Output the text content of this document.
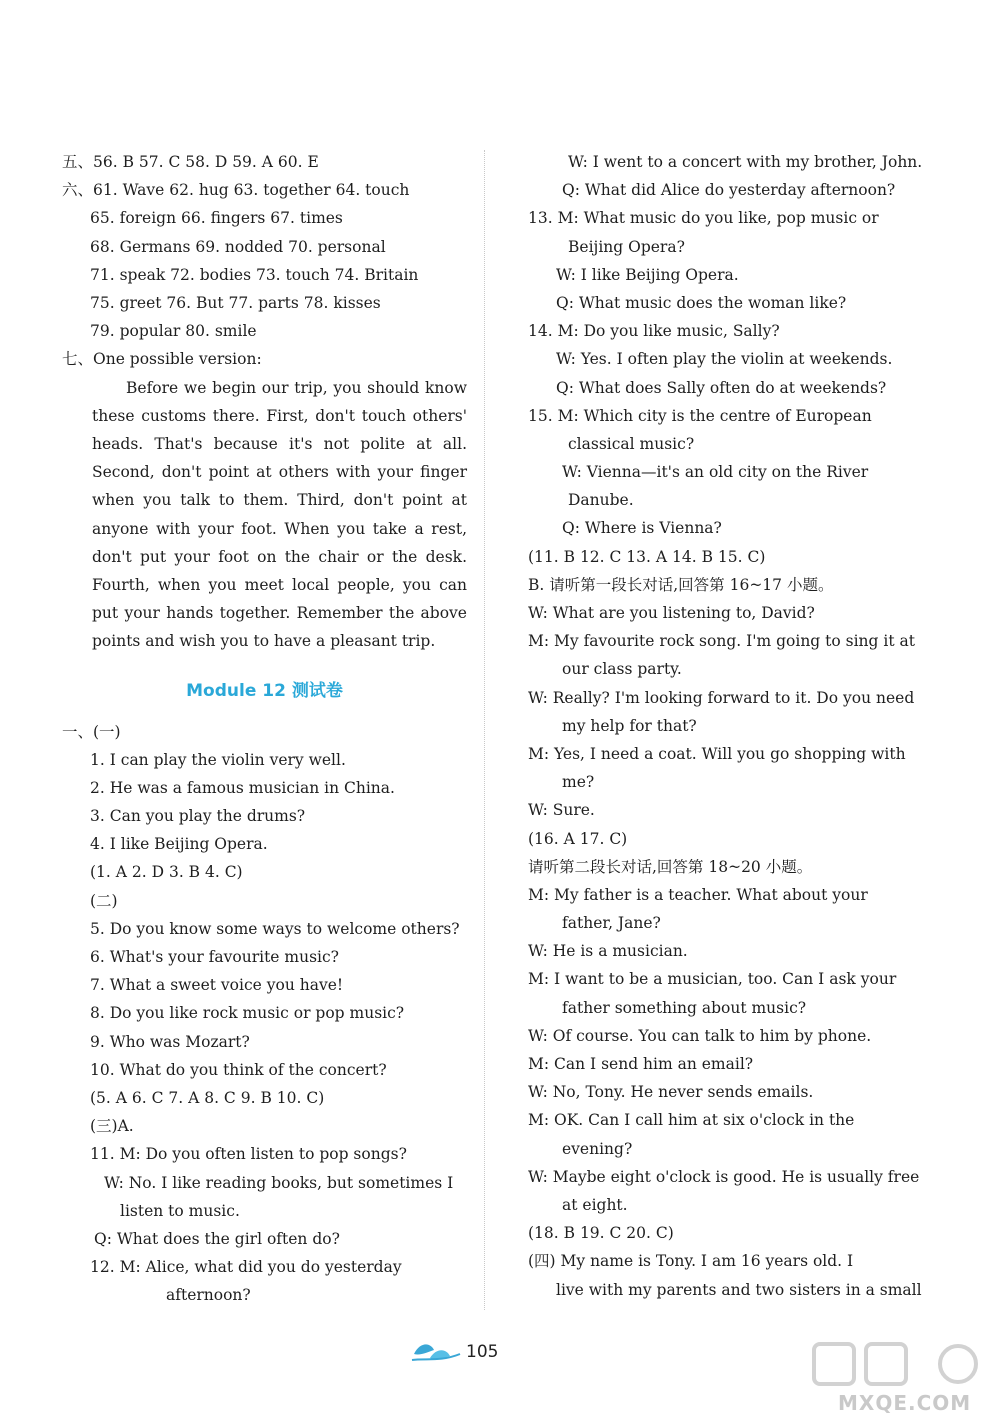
五、56. B 57. C 58. D 59. A 60. E
六、61. Wave 62. hug 63. together 64. touch
65. foreign 66. fingers 67. times
68. Germans 69. nodded 70. personal
71. speak 72. bodies 73. touch 74. Britain
75. greet 76. But 77. parts 78. kisses
79. popular 80. smile
七、One possible version:

Before we begin our trip, you should know these customs there. First, don't touch others' heads. That's because it's not polite at all. Second, don't point at others with your finger when you talk to them. Third, don't point at anyone with your foot. When you take a rest, don't put your foot on the chair or the desk. Fourth, when you meet local people, you can put your hands together. Remember the above points and wish you to have a pleasant trip.

Module 12 测试卷
一、(一)
1. I can play the violin very well.
2. He was a famous musician in China.
3. Can you play the drums?
4. I like Beijing Opera.
(1. A 2. D 3. B 4. C)
(二)
5. Do you know some ways to welcome others?
6. What's your favourite music?
7. What a sweet voice you have!
8. Do you like rock music or pop music?
9. Who was Mozart?
10. What do you think of the concert?
(5. A 6. C 7. A 8. C 9. B 10. C)
(三)A.
11. M: Do you often listen to pop songs?
W: No. I like reading books, but sometimes I
listen to music.
Q: What does the girl often do?
12. M: Alice, what did you do yesterday
afternoon?
W: I went to a concert with my brother, John.
Q: What did Alice do yesterday afternoon?
13. M: What music do you like, pop music or
Beijing Opera?
W: I like Beijing Opera.
Q: What music does the woman like?
14. M: Do you like music, Sally?
W: Yes. I often play the violin at weekends.
Q: What does Sally often do at weekends?
15. M: Which city is the centre of European
classical music?
W: Vienna—it's an old city on the River
Danube.
Q: Where is Vienna?
(11. B 12. C 13. A 14. B 15. C)
B. 请听第一段长对话,回答第 16~17 小题。
W: What are you listening to, David?
M: My favourite rock song. I'm going to sing it at
our class party.
W: Really? I'm looking forward to it. Do you need
my help for that?
M: Yes, I need a coat. Will you go shopping with
me?
W: Sure.
(16. A 17. C)
请听第二段长对话,回答第 18~20 小题。
M: My father is a teacher. What about your
father, Jane?
W: He is a musician.
M: I want to be a musician, too. Can I ask your
father something about music?
W: Of course. You can talk to him by phone.
M: Can I send him an email?
W: No, Tony. He never sends emails.
M: OK. Can I call him at six o'clock in the
evening?
W: Maybe eight o'clock is good. He is usually free
at eight.
(18. B 19. C 20. C)
(四) My name is Tony. I am 16 years old. I
live with my parents and two sisters in a small
105
MXQE.COM
